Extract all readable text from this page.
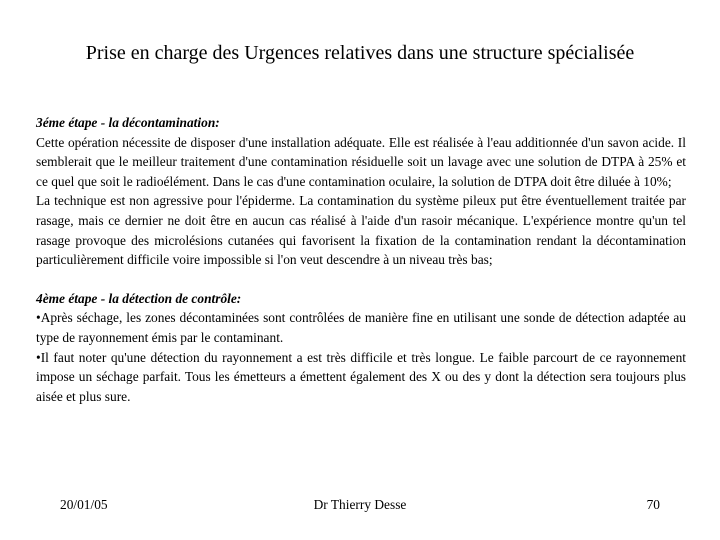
Prise en charge des Urgences relatives dans une structure spécialisée

3éme étape - la décontamination:

Cette opération nécessite de disposer d'une installation adéquate. Elle est réalisée à l'eau additionnée d'un savon acide. Il semblerait que le meilleur traitement d'une contamination résiduelle soit un lavage avec une solution de DTPA à 25% et ce quel que soit le radioélément. Dans le cas d'une contamination oculaire, la solution de DTPA doit être diluée à 10%;

La technique est non agressive pour l'épiderme. La contamination du système pileux put être éventuellement traitée par rasage, mais ce dernier ne doit être en aucun cas réalisé à l'aide d'un rasoir mécanique. L'expérience montre qu'un tel rasage provoque des microlésions cutanées qui favorisent la fixation de la contamination rendant la décontamination particulièrement difficile voire impossible si l'on veut descendre à un niveau très bas;

4ème étape - la détection de contrôle:

•Après séchage, les zones décontaminées sont contrôlées de manière fine en utilisant une sonde de détection adaptée au type de rayonnement émis par le contaminant.

•Il faut noter qu'une détection du rayonnement a est très difficile et très longue. Le faible parcourt de ce rayonnement impose un séchage parfait. Tous les émetteurs a émettent également des X ou des y dont la détection sera toujours plus aisée et plus sure.

20/01/05	Dr Thierry Desse	70
